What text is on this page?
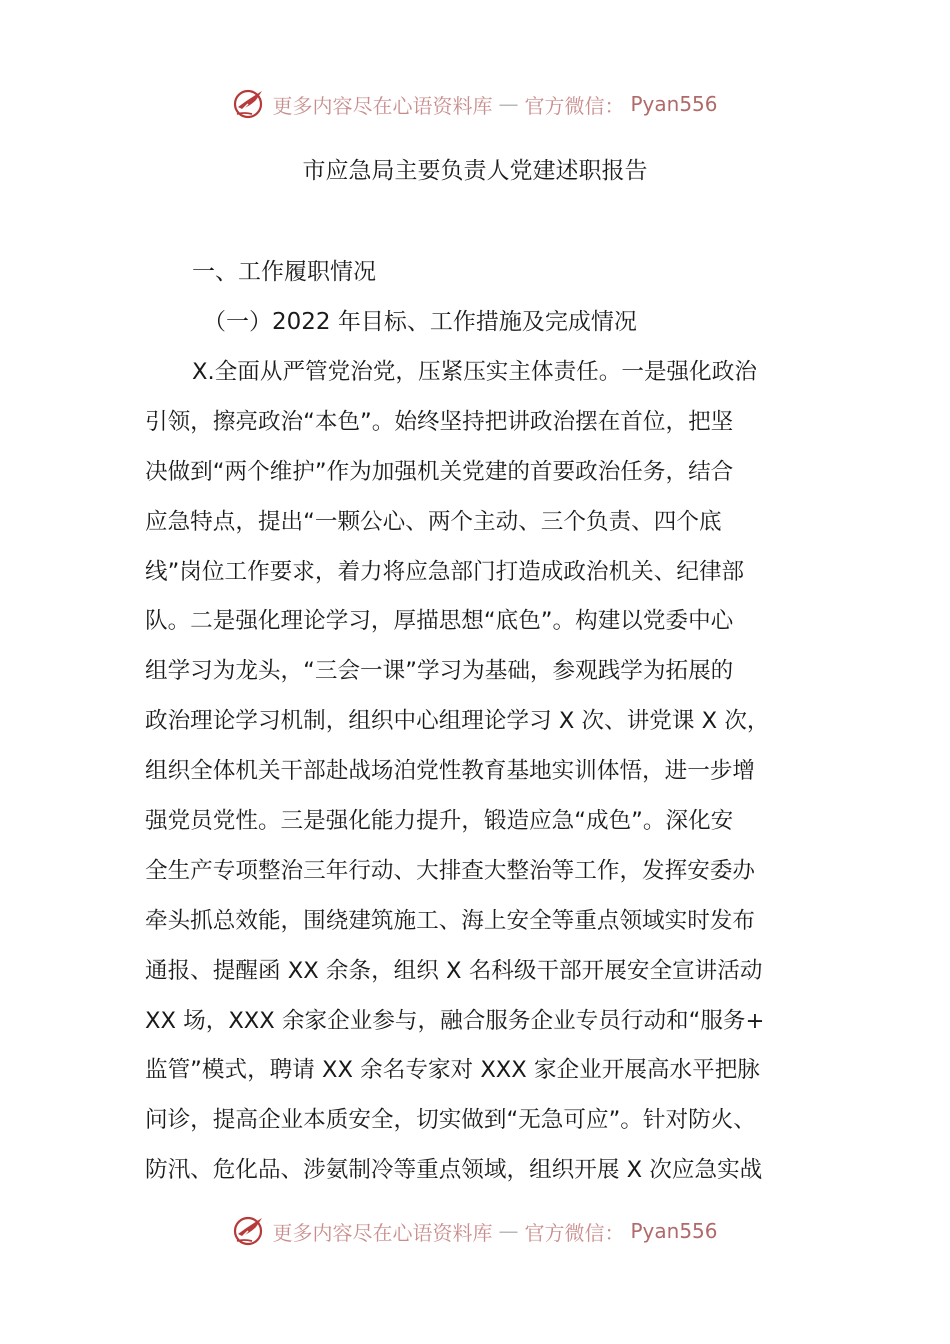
更多内容尽在心语资料库 — 官方微信： Pyan556
市应急局主要负责人党建述职报告
一、工作履职情况
（一）2022 年目标、工作措施及完成情况
X.全面从严管党治党，压紧压实主体责任。一是强化政治
引领，擦亮政治“本色”。始终坚持把讲政治摆在首位，把坚
决做到“两个维护”作为加强机关党建的首要政治任务，结合
应急特点，提出“一颗公心、两个主动、三个负责、四个底
线”岗位工作要求，着力将应急部门打造成政治机关、纪律部
队。二是强化理论学习，厚描思想“底色”。构建以党委中心
组学习为龙头，“三会一课”学习为基础，参观践学为拓展的
政治理论学习机制，组织中心组理论学习 X 次、讲党课 X 次，
组织全体机关干部赴战场泊党性教育基地实训体悟，进一步增
强党员党性。三是强化能力提升，锻造应急“成色”。深化安
全生产专项整治三年行动、大排查大整治等工作，发挥安委办
牵头抓总效能，围绕建筑施工、海上安全等重点领域实时发布
通报、提醒函 XX 余条，组织 X 名科级干部开展安全宣讲活动
XX 场，XXX 余家企业参与，融合服务企业专员行动和“服务+
监管”模式，聘请 XX 余名专家对 XXX 家企业开展高水平把脉
问诊，提高企业本质安全，切实做到“无急可应”。针对防火、
防汛、危化品、涉氨制冷等重点领域，组织开展 X 次应急实战
更多内容尽在心语资料库 — 官方微信： Pyan556
